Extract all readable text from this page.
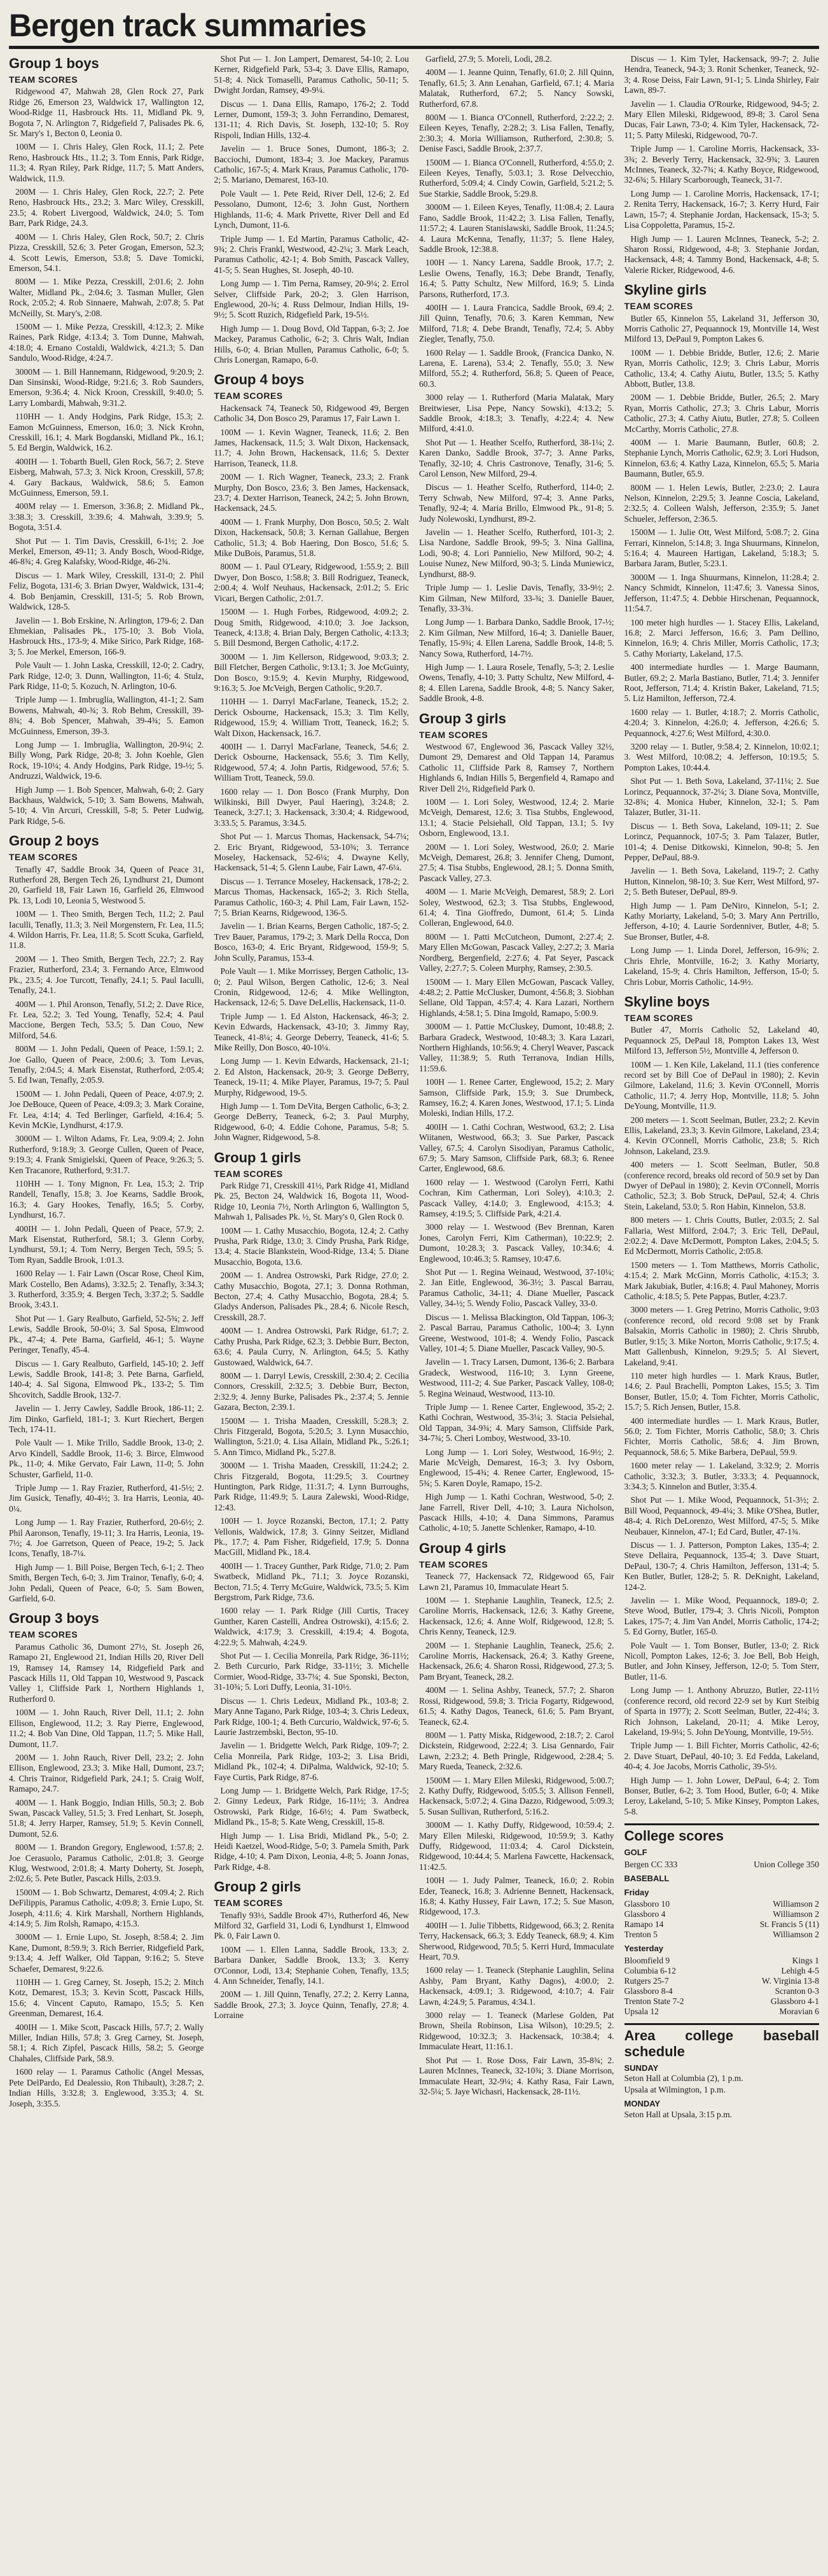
Bergen track summaries
Group 1 boys
TEAM SCORES

Ridgewood 47, Mahwah 28, Glen Rock 27, Park Ridge 26, Emerson 23, Waldwick 17, Wallington 12, Wood-Ridge 11, Hasbrouck Hts. 11, Midland Pk. 9, Bogota 7, N. Arlington 7, Ridgefield 7, Palisades Pk. 6, Sr. Mary's 1, Becton 0, Leonia 0.

100M — 1. Chris Haley, Glen Rock, 11.1; 2. Pete Reno, Hasbrouck Hts., 11.2; 3. Tom Ennis, Park Ridge, 11.3; 4. Ryan Riley, Park Ridge, 11.7; 5. Matt Anders, Waldwick, 11.9.

200M — 1. Chris Haley, Glen Rock, 22.7; 2. Pete Reno, Hasbrouck Hts., 23.2; 3. Marc Wiley, Cresskill, 23.5; 4. Robert Livergood, Waldwick, 24.0; 5. Tom Barr, Park Ridge, 24.3.

400M — 1. Chris Haley, Glen Rock, 50.7; 2. Chris Pizza, Cresskill, 52.6; 3. Peter Grogan, Emerson, 52.3; 4. Scott Lewis, Emerson, 53.8; 5. Dave Tomicki, Emerson, 54.1.

800M — 1. Mike Pezza, Cresskill, 2:01.6; 2. John Walter, Midland Pk., 2:04.6; 3. Tasman Muller, Glen Rock, 2:05.2; 4. Rob Sinnaere, Mahwah, 2:07.8; 5. Pat McNeilly, St. Mary's, 2:08.

1500M — 1. Mike Pezza, Cresskill, 4:12.3; 2. Mike Raines, Park Ridge, 4:13.4; 3. Tom Dunne, Mahwah, 4:18.0; 4. Ernano Costaldi, Waldwick, 4:21.3; 5. Dan Sandulo, Wood-Ridge, 4:24.7.

3000M — 1. Bill Hannemann, Ridgewood, 9:20.9; 2. Dan Sinsinski, Wood-Ridge, 9:21.6; 3. Rob Saunders, Emerson, 9:36.4; 4. Nick Kroon, Cresskill, 9:40.0; 5. Larry Lombardi, Mahwah, 9:31.2.

110HH — 1. Andy Hodgins, Park Ridge, 15.3; 2. Eamon McGuinness, Emerson, 16.0; 3. Nick Krohn, Cresskill, 16.1; 4. Mark Bogdanski, Midland Pk., 16.1; 5. Ed Bergin, Waldwick, 16.2.

400IH — 1. Tobarth Buell, Glen Rock, 56.7; 2. Steve Eisberg, Mahwah, 57.3; 3. Nick Kroon, Cresskill, 57.8; 4. Gary Backaus, Waldwick, 58.6; 5. Eamon McGuinness, Emerson, 59.1.

400M relay — 1. Emerson, 3:36.8; 2. Midland Pk., 3:38.3; 3. Cresskill, 3:39.6; 4. Mahwah, 3:39.9; 5. Bogota, 3:51.4.

Shot Put — 1. Tim Davis, Cresskill, 6-1½; 2. Joe Merkel, Emerson, 49-11; 3. Andy Bosch, Wood-Ridge, 46-8¾; 4. Greg Kalafsky, Wood-Ridge, 46-2¾.

Discus — 1. Mark Wiley, Cresskill, 131-0; 2. Phil Feliz, Bogota, 131-6; 3. Brian Dwyer, Waldwick, 131-4; 4. Bob Benjamin, Cresskill, 131-5; 5. Rob Brown, Waldwick, 128-5.

Javelin — 1. Bob Erskine, N. Arlington, 179-6; 2. Dan Ehmekian, Palisades Pk., 175-10; 3. Bob Viola, Hasbrouck Hts., 173-9; 4. Mike Sirico, Park Ridge, 168-3; 5. Joe Merkel, Emerson, 166-9.

Pole Vault — 1. John Laska, Cresskill, 12-0; 2. Cadry, Park Ridge, 12-0; 3. Dunn, Wallington, 11-6; 4. Stulz, Park Ridge, 11-0; 5. Kozuch, N. Arlington, 10-6.

Triple Jump — 1. Imbruglia, Wallington, 41-1; 2. Sam Bowens, Mahwah, 40-¾; 3. Rob Behm, Cresskill, 39-8¾; 4. Bob Spencer, Mahwah, 39-4¾; 5. Eamon McGuinness, Emerson, 39-3.

Long Jump — 1. Imbruglia, Wallington, 20-9¼; 2. Billy Wong, Park Ridge, 20-8; 3. John Koehle, Glen Rock, 19-10¼; 4. Andy Hodgins, Park Ridge, 19-½; 5. Andruzzi, Waldwick, 19-6.

High Jump — 1. Bob Spencer, Mahwah, 6-0; 2. Gary Backhaus, Waldwick, 5-10; 3. Sam Bowens, Mahwah, 5-10; 4. Vin Arcuri, Cresskill, 5-8; 5. Peter Ludwig, Park Ridge, 5-6.

Group 2 boys
TEAM SCORES

Tenafly 47, Saddle Brook 34, Queen of Peace 31, Rutherford 28, Bergen Tech 26, Lyndhurst 21, Dumont 20, Garfield 18, Fair Lawn 16, Garfield 26, Elmwood Pk. 13, Lodi 10, Leonia 5, Westwood 5.

100M — 1. Theo Smith, Bergen Tech, 11.2; 2. Paul Iaculli, Tenafly, 11.3; 3. Neil Morgenstern, Fr. Lea, 11.5; 4. Wildon Harris, Fr. Lea, 11.8; 5. Scott Scuka, Garfield, 11.8.

200M — 1. Theo Smith, Bergen Tech, 22.7; 2. Ray Frazier, Rutherford, 23.4; 3. Fernando Arce, Elmwood Pk., 23.5; 4. Joe Turcott, Tenafly, 24.1; 5. Paul Iaculli, Tenafly, 24.1.

400M — 1. Phil Aronson, Tenafly, 51.2; 2. Dave Rice, Fr. Lea, 52.2; 3. Ted Young, Tenafly, 52.4; 4. Paul Maccione, Bergen Tech, 53.5; 5. Dan Couo, New Milford, 54.6.

800M — 1. John Pedali, Queen of Peace, 1:59.1; 2. Joe Gallo, Queen of Peace, 2:00.6; 3. Tom Levas, Tenafly, 2:04.5; 4. Mark Eisenstat, Rutherford, 2:05.4; 5. Ed Iwan, Tenafly, 2:05.9.

1500M — 1. John Pedali, Queen of Peace, 4:07.9; 2. Joe DeBouce, Queen of Peace, 4:09.3; 3. Mark Coraine, Fr. Lea, 4:14; 4. Ted Berlinger, Garfield, 4:16.4; 5. Kevin McKie, Lyndhurst, 4:17.9.

3000M — 1. Wilton Adams, Fr. Lea, 9:09.4; 2. John Rutherford, 9:18.9; 3. George Cullen, Queen of Peace, 9:19.3; 4. Frank Smigielski, Queen of Peace, 9:26.3; 5. Ken Tracanore, Rutherford, 9:31.7.

110HH — 1. Tony Mignon, Fr. Lea, 15.3; 2. Trip Randell, Tenafly, 15.8; 3. Joe Kearns, Saddle Brook, 16.3; 4. Gary Hookes, Tenafly, 16.5; 5. Corby, Lyndhurst, 16.7.

400IH — 1. John Pedali, Queen of Peace, 57.9; 2. Mark Eisenstat, Rutherford, 58.1; 3. Glenn Corby, Lyndhurst, 59.1; 4. Tom Nerry, Bergen Tech, 59.5; 5. Tom Ryan, Saddle Brook, 1:01.3.

1600 Relay — 1. Fair Lawn (Oscar Rose, Cheol Kim, Mark Costello, Ben Adams), 3:32.5; 2. Tenafly, 3:34.3; 3. Rutherford, 3:35.9; 4. Bergen Tech, 3:37.2; 5. Saddle Brook, 3:43.1.

Shot Put — 1. Gary Realbuto, Garfield, 52-5¾; 2. Jeff Lewis, Saddle Brook, 50-0¼; 3. Sal Sposa, Elmwood Pk., 47-4; 4. Pete Barna, Garfield, 46-1; 5. Wayne Peringer, Tenafly, 45-4.

Discus — 1. Gary Realbuto, Garfield, 145-10; 2. Jeff Lewis, Saddle Brook, 141-8; 3. Pete Barna, Garfield, 140-4; 4. Sal Sigona, Elmwood Pk., 133-2; 5. Tim Shcovitch, Saddle Brook, 132-7.

Javelin — 1. Jerry Cawley, Saddle Brook, 186-11; 2. Jim Dinko, Garfield, 181-1; 3. Kurt Riechert, Bergen Tech, 174-11.

Pole Vault — 1. Mike Trillo, Saddle Brook, 13-0; 2. Arvo Kindell, Saddle Brook, 11-6; 3. Birce, Elmwood Pk., 11-0; 4. Mike Gervato, Fair Lawn, 11-0; 5. John Schuster, Garfield, 11-0.

Triple Jump — 1. Ray Frazier, Rutherford, 41-5½; 2. Jim Gusick, Tenafly, 40-4½; 3. Ira Harris, Leonia, 40-0¼.

Long Jump — 1. Ray Frazier, Rutherford, 20-6½; 2. Phil Aaronson, Tenafly, 19-11; 3. Ira Harris, Leonia, 19-7½; 4. Joe Garretson, Queen of Peace, 19-2; 5. Jack Icons, Tenafly, 18-7¼.

High Jump — 1. Bill Poise, Bergen Tech, 6-1; 2. Theo Smith, Bergen Tech, 6-0; 3. Jim Trainor, Tenafly, 6-0; 4. John Pedali, Queen of Peace, 6-0; 5. Sam Bowen, Garfield, 6-0.

Group 3 boys
TEAM SCORES

Paramus Catholic 36, Dumont 27½, St. Joseph 26, Ramapo 21, Englewood 21, Indian Hills 20, River Dell 19, Ramsey 14, Ramsey 14, Ridgefield Park and Pascack Hills 11, Old Tappan 10, Westwood 9, Pascack Valley 1, Cliffside Park 1, Northern Highlands 1, Rutherford 0.

100M — 1. John Rauch, River Dell, 11.1; 2. John Ellison, Englewood, 11.2; 3. Ray Pierre, Englewood, 11.2; 4. Bob Van Dine, Old Tappan, 11.7; 5. Mike Hall, Dumont, 11.7.

200M — 1. John Rauch, River Dell, 23.2; 2. John Ellison, Englewood, 23.3; 3. Mike Hall, Dumont, 23.7; 4. Chris Trainor, Ridgefield Park, 24.1; 5. Craig Wolf, Ramapo, 24.7.

400M — 1. Hank Boggio, Indian Hills, 50.3; 2. Bob Swan, Pascack Valley, 51.5; 3. Fred Lenhart, St. Joseph, 51.8; 4. Jerry Harper, Ramsey, 51.9; 5. Kevin Connell, Dumont, 52.6.

800M — 1. Brandon Gregory, Englewood, 1:57.8; 2. Joe Cerasuolo, Paramus Catholic, 2:01.8; 3. George Klug, Westwood, 2:01.8; 4. Marty Doherty, St. Joseph, 2:02.6; 5. Pete Butler, Pascack Hills, 2:03.9.

1500M — 1. Bob Schwartz, Demarest, 4:09.4; 2. Rich DeFilippis, Paramus Catholic, 4:09.8; 3. Ernie Lupo, St. Joseph, 4:11.6; 4. Kirk Marshall, Northern Highlands, 4:14.9; 5. Jim Rolsh, Ramapo, 4:15.3.

3000M — 1. Ernie Lupo, St. Joseph, 8:58.4; 2. Jim Kane, Dumont, 8:59.9; 3. Rich Berrier, Ridgefield Park, 9:13.4; 4. Jeff Walker, Old Tappan, 9:16.2; 5. Steve Schaefer, Demarest, 9:22.6.

110HH — 1. Greg Carney, St. Joseph, 15.2; 2. Mitch Kotz, Demarest, 15.3; 3. Kevin Scott, Pascack Hills, 15.6; 4. Vincent Caputo, Ramapo, 15.5; 5. Ken Greenman, Demarest, 16.4.

400IH — 1. Mike Scott, Pascack Hills, 57.7; 2. Wally Miller, Indian Hills, 57.8; 3. Greg Carney, St. Joseph, 58.1; 4. Rich Zipfel, Pascack Hills, 58.2; 5. George Chahales, Cliffside Park, 58.9.

1600 relay — 1. Paramus Catholic (Angel Messas, Pete DelPardo, Ed Dealessio, Ron Thibault), 3:28.7; 2. Indian Hills, 3:32.8; 3. Englewood, 3:35.3; 4. St. Joseph, 3:35.5.

Shot Put — 1. Jon Lampert, Demarest, 54-10; 2. Lou Kerner, Ridgefield Park, 53-4; 3. Dave Ellis, Ramapo, 51-8; 4. Nick Tomaselli, Paramus Catholic, 50-11; 5. Dwight Jordan, Ramsey, 49-9¼.

Discus — 1. Dana Ellis, Ramapo, 176-2; 2. Todd Lerner, Dumont, 159-3; 3. John Ferrandino, Demarest, 131-11; 4. Rich Davis, St. Joseph, 132-10; 5. Roy Rispoli, Indian Hills, 132-4.

Javelin — 1. Bruce Sones, Dumont, 186-3; 2. Bacciochi, Dumont, 183-4; 3. Joe Mackey, Paramus Catholic, 167-5; 4. Mark Kraus, Paramus Catholic, 170-2; 5. Mariano, Demarest, 163-10.

Pole Vault — 1. Pete Reid, River Dell, 12-6; 2. Ed Pessolano, Dumont, 12-6; 3. John Gust, Northern Highlands, 11-6; 4. Mark Privette, River Dell and Ed Lynch, Dumont, 11-6.

Triple Jump — 1. Ed Martin, Paramus Catholic, 42-9¾; 2. Chris Frankl, Westwood, 42-2¼; 3. Mark Leach, Paramus Catholic, 42-1; 4. Bob Smith, Pascack Valley, 41-5; 5. Sean Hughes, St. Joseph, 40-10.

Long Jump — 1. Tim Perna, Ramsey, 20-9¼; 2. Errol Selver, Cliffside Park, 20-2; 3. Glen Harrison, Englewood, 20-¾; 4. Russ Delmour, Indian Hills, 19-9½; 5. Scott Ruzich, Ridgefield Park, 19-5½.

High Jump — 1. Doug Bovd, Old Tappan, 6-3; 2. Joe Mackey, Paramus Catholic, 6-2; 3. Chris Walt, Indian Hills, 6-0; 4. Brian Mullen, Paramus Catholic, 6-0; 5. Chris Lonergan, Ramapo, 6-0.

Group 4 boys
TEAM SCORES

Hackensack 74, Teaneck 50, Ridgewood 49, Bergen Catholic 34, Don Bosco 29, Paramus 17, Fair Lawn 1.

100M — 1. Kevin Wagner, Teaneck, 11.6; 2. Ben James, Hackensack, 11.5; 3. Walt Dixon, Hackensack, 11.7; 4. John Brown, Hackensack, 11.6; 5. Dexter Harrison, Teaneck, 11.8.

200M — 1. Rich Wagner, Teaneck, 23.3; 2. Frank Murphy, Don Bosco, 23.6; 3. Ben James, Hackensack, 23.7; 4. Dexter Harrison, Teaneck, 24.2; 5. John Brown, Hackensack, 24.5.

400M — 1. Frank Murphy, Don Bosco, 50.5; 2. Walt Dixon, Hackensack, 50.8; 3. Kernan Gallahue, Bergen Catholic, 51.3; 4. Bob Haering, Don Bosco, 51.6; 5. Mike DuBois, Paramus, 51.8.

800M — 1. Paul O'Leary, Ridgewood, 1:55.9; 2. Bill Dwyer, Don Bosco, 1:58.8; 3. Bill Rodriguez, Teaneck, 2:00.4; 4. Wolf Neuhaus, Hackensack, 2:01.2; 5. Eric Vicari, Bergen Catholic, 2:01.7.

1500M — 1. Hugh Forbes, Ridgewood, 4:09.2; 2. Doug Smith, Ridgewood, 4:10.0; 3. Joe Jackson, Teaneck, 4:13.8; 4. Brian Daly, Bergen Catholic, 4:13.3; 5. Bill Desmond, Bergen Catholic, 4:17.2.

3000M — 1. Jim Kellerson, Ridgewood, 9:03.3; 2. Bill Fletcher, Bergen Catholic, 9:13.1; 3. Joe McGuinty, Don Bosco, 9:15.9; 4. Kevin Murphy, Ridgewood, 9:16.3; 5. Joe McVeigh, Bergen Catholic, 9:20.7.

110HH — 1. Darryl MacFarlane, Teaneck, 15.2; 2. Derick Osbourne, Hackensack, 15.3; 3. Tim Kelly, Ridgewood, 15.9; 4. William Trott, Teaneck, 16.2; 5. Walt Dixon, Hackensack, 16.7.

400IH — 1. Darryl MacFarlane, Teaneck, 54.6; 2. Derick Osbourne, Hackensack, 55.6; 3. Tim Kelly, Ridgewood, 57.4; 4. John Partis, Ridgewood, 57.6; 5. William Trott, Teaneck, 59.0.

1600 relay — 1. Don Bosco (Frank Murphy, Don Wilkinski, Bill Dwyer, Paul Haering), 3:24.8; 2. Teaneck, 3:27.1; 3. Hackensack, 3:30.4; 4. Ridgewood, 3:33.5; 5. Paramus, 3:34.5.

Shot Put — 1. Marcus Thomas, Hackensack, 54-7¼; 2. Eric Bryant, Ridgewood, 53-10¾; 3. Terrance Moseley, Hackensack, 52-6¼; 4. Dwayne Kelly, Hackensack, 51-4; 5. Glenn Laube, Fair Lawn, 47-6¼.

Discus — 1. Terrance Moseley, Hackensack, 178-2; 2. Marcus Thomas, Hackensack, 165-2; 3. Rich Stella, Paramus Catholic, 160-3; 4. Phil Lam, Fair Lawn, 152-7; 5. Brian Kearns, Ridgewood, 136-5.

Javelin — 1. Brian Kearns, Bergen Catholic, 187-5; 2. Trev Bauer, Paramus, 179-2; 3. Mark Della Rocca, Don Bosco, 163-0; 4. Eric Bryant, Ridgewood, 159-9; 5. John Scully, Paramus, 153-4.

Pole Vault — 1. Mike Morrissey, Bergen Catholic, 13-0; 2. Paul Wilson, Bergen Catholic, 12-6; 3. Neal Cronin, Ridgewood, 12-6; 4. Mike Wellington, Hackensack, 12-6; 5. Dave DeLellis, Hackensack, 11-0.

Triple Jump — 1. Ed Alston, Hackensack, 46-3; 2. Kevin Edwards, Hackensack, 43-10; 3. Jimmy Ray, Teaneck, 41-8¼; 4. George Deberry, Teaneck, 41-6; 5. Mike Reilly, Don Bosco, 40-10¼.

Long Jump — 1. Kevin Edwards, Hackensack, 21-1; 2. Ed Alston, Hackensack, 20-9; 3. George DeBerry, Teaneck, 19-11; 4. Mike Player, Paramus, 19-7; 5. Paul Murphy, Ridgewood, 19-5.

High Jump — 1. Tom DeVita, Bergen Catholic, 6-3; 2. George DeBerry, Teaneck, 6-2; 3. Paul Murphy, Ridgewood, 6-0; 4. Eddie Cohone, Paramus, 5-8; 5. John Wagner, Ridgewood, 5-8.

Group 1 girls
TEAM SCORES

Park Ridge 71, Cresskill 41½, Park Ridge 41, Midland Pk. 25, Becton 24, Waldwick 16, Bogota 11, Wood-Ridge 10, Leonia 7½, North Arlington 6, Wallington 5, Mahwah 1, Palisades Pk. ½, St. Mary's 0, Glen Rock 0.

100M — 1. Cathy Musacchio, Bogota, 12.4; 2. Cathy Prusha, Park Ridge, 13.0; 3. Cindy Prusha, Park Ridge, 13.4; 4. Stacie Blankstein, Wood-Ridge, 13.4; 5. Diane Musacchio, Bogota, 13.6.

200M — 1. Andrea Ostrowski, Park Ridge, 27.0; 2. Cathy Musacchio, Bogota, 27.1; 3. Donna Rothman, Becton, 27.4; 4. Cathy Musacchio, Bogota, 28.4; 5. Gladys Anderson, Palisades Pk., 28.4; 6. Nicole Resch, Cresskill, 28.7.

400M — 1. Andrea Ostrowski, Park Ridge, 61.7; 2. Cathy Prusha, Park Ridge, 62.3; 3. Debbie Burr, Becton, 63.6; 4. Paula Curry, N. Arlington, 64.5; 5. Kathy Gustowaed, Waldwick, 64.7.

800M — 1. Darryl Lewis, Cresskill, 2:30.4; 2. Cecilia Connors, Cresskill, 2:32.5; 3. Debbie Burr, Becton, 2:32.9; 4. Jenny Burke, Palisades Pk., 2:37.4; 5. Jennie Gazara, Becton, 2:39.1.

1500M — 1. Trisha Maaden, Cresskill, 5:28.3; 2. Chris Fitzgerald, Bogota, 5:20.5; 3. Lynn Musacchio, Wallington, 5:21.0; 4. Lisa Allain, Midland Pk., 5:26.1; 5. Ann Timco, Midland Pk., 5:27.8.

3000M — 1. Trisha Maaden, Cresskill, 11:24.2; 2. Chris Fitzgerald, Bogota, 11:29.5; 3. Courtney Huntington, Park Ridge, 11:31.7; 4. Lynn Burroughs, Park Ridge, 11:49.9; 5. Laura Zalewski, Wood-Ridge, 12:43.

100H — 1. Joyce Rozanski, Becton, 17.1; 2. Patty Vellonis, Waldwick, 17.8; 3. Ginny Seitzer, Midland Pk., 17.7; 4. Pam Fisher, Ridgefield, 17.9; 5. Donna MacGill, Midland Pk., 18.4.

400IH — 1. Tracey Gunther, Park Ridge, 71.0; 2. Pam Swatbeck, Midland Pk., 71.1; 3. Joyce Rozanski, Becton, 71.5; 4. Terry McGuire, Waldwick, 73.5; 5. Kim Bergstrom, Park Ridge, 73.6.

1600 relay — 1. Park Ridge (Jill Curtis, Tracey Gunther, Karen Castelli, Andrea Ostrowski), 4:15.6; 2. Waldwick, 4:17.9; 3. Cresskill, 4:19.4; 4. Bogota, 4:22.9; 5. Mahwah, 4:24.9.

Shot Put — 1. Cecilia Monreila, Park Ridge, 36-11½; 2. Beth Curcurio, Park Ridge, 33-11½; 3. Michelle Cormier, Wood-Ridge, 33-7¼; 4. Sue Sponski, Becton, 31-10¾; 5. Lori Duffy, Leonia, 31-10½.

Discus — 1. Chris Ledeux, Midland Pk., 103-8; 2. Mary Anne Tagano, Park Ridge, 103-4; 3. Chris Ledeux, Park Ridge, 100-1; 4. Beth Curcurio, Waldwick, 97-6; 5. Laurie Jastrzembski, Becton, 95-10.

Javelin — 1. Bridgette Welch, Park Ridge, 109-7; 2. Celia Monreila, Park Ridge, 103-2; 3. Lisa Bridi, Midland Pk., 102-4; 4. DiPalma, Waldwick, 92-10; 5. Faye Curtis, Park Ridge, 87-6.

Long Jump — 1. Bridgette Welch, Park Ridge, 17-5; 2. Ginny Ledeux, Park Ridge, 16-11½; 3. Andrea Ostrowski, Park Ridge, 16-6½; 4. Pam Swatbeck, Midland Pk., 15-8; 5. Kate Weng, Cresskill, 15-8.

High Jump — 1. Lisa Bridi, Midland Pk., 5-0; 2. Heidi Kaetzel, Wood-Ridge, 5-0; 3. Pamela Smith, Park Ridge, 4-10; 4. Pam Dixon, Leonia, 4-8; 5. Joann Jonas, Park Ridge, 4-8.

Group 2 girls
TEAM SCORES

Tenafly 93½, Saddle Brook 47½, Rutherford 46, New Milford 32, Garfield 31, Lodi 6, Lyndhurst 1, Elmwood Pk. 0, Fair Lawn 0.

100M — 1. Ellen Lanna, Saddle Brook, 13.3; 2. Barbara Danker, Saddle Brook, 13.3; 3. Kerry O'Connor, Lodi, 13.4; Stephanie Cohen, Tenafly, 13.5; 4. Ann Schneider, Tenafly, 14.1.

200M — 1. Jill Quinn, Tenafly, 27.2; 2. Kerry Lanna, Saddle Brook, 27.3; 3. Joyce Quinn, Tenafly, 27.8; 4. Lorraine

Garfield, 27.9; 5. Moreli, Lodi, 28.2.

400M — 1. Jeanne Quinn, Tenafly, 61.0; 2. Jill Quinn, Tenafly, 61.5; 3. Ann Lenahan, Garfield, 67.1; 4. Maria Malatak, Rutherford, 67.2; 5. Nancy Sowski, Rutherford, 67.8.

800M — 1. Bianca O'Connell, Rutherford, 2:22.2; 2. Eileen Keyes, Tenafly, 2:28.2; 3. Lisa Fallen, Tenafly, 2:30.3; 4. Moria Williamson, Rutherford, 2:30.8; 5. Denise Fasci, Saddle Brook, 2:37.7.

1500M — 1. Bianca O'Connell, Rutherford, 4:55.0; 2. Eileen Keyes, Tenafly, 5:03.1; 3. Rose Delvecchio, Rutherford, 5:09.4; 4. Cindy Cowin, Garfield, 5:21.2; 5. Sue Starkie, Saddle Brook, 5:29.8.

3000M — 1. Eileen Keyes, Tenafly, 11:08.4; 2. Laura Fano, Saddle Brook, 11:42.2; 3. Lisa Fallen, Tenafly, 11:57.2; 4. Lauren Stanislawski, Saddle Brook, 11:24.5; 4. Laura McKenna, Tenafly, 11:37; 5. Ilene Haley, Saddle Brook, 12:38.8.

100H — 1. Nancy Larena, Saddle Brook, 17.7; 2. Leslie Owens, Tenafly, 16.3; Debe Brandt, Tenafly, 16.4; 5. Patty Schultz, New Milford, 16.9; 5. Linda Parsons, Rutherford, 17.3.

400IH — 1. Laura Francica, Saddle Brook, 69.4; 2. Jill Quinn, Tenafly, 70.6; 3. Karen Kemman, New Milford, 71.8; 4. Debe Brandt, Tenafly, 72.4; 5. Abby Ziegler, Tenafly, 75.0.

1600 Relay — 1. Saddle Brook, (Francica Danko, N. Larena, E. Larena), 53.4; 2. Tenafly, 55.0; 3. New Milford, 55.2; 4. Rutherford, 56.8; 5. Queen of Peace, 60.3.

3000 relay — 1. Rutherford (Maria Malatak, Mary Breitwieser, Lisa Pepe, Nancy Sowski), 4:13.2; 5. Saddle Brook, 4:18.3; 3. Tenafly, 4:22.4; 4. New Milford, 4:41.0.

Shot Put — 1. Heather Scelfo, Rutherford, 38-1¼; 2. Karen Danko, Saddle Brook, 37-7; 3. Anne Parks, Tenafly, 32-10; 4. Chris Castronove, Tenafly, 31-6; 5. Carol Lenson, New Milford, 29-4.

Discus — 1. Heather Scelfo, Rutherford, 114-0; 2. Terry Schwab, New Milford, 97-4; 3. Anne Parks, Tenafly, 92-4; 4. Maria Brillo, Elmwood Pk., 91-8; 5. Judy Nolewoski, Lyndhurst, 89-2.

Javelin — 1. Heather Scelfo, Rutherford, 101-3; 2. Lisa Nardone, Saddle Brook, 99-5; 3. Nina Gallina, Lodi, 90-8; 4. Lori Pannielio, New Milford, 90-2; 4. Louise Nunez, New Milford, 90-3; 5. Linda Muniewicz, Lyndhurst, 88-9.

Triple Jump — 1. Leslie Davis, Tenafly, 33-9½; 2. Kim Gilman, New Milford, 33-¾; 3. Danielle Bauer, Tenafly, 33-3¾.

Long Jump — 1. Barbara Danko, Saddle Brook, 17-½; 2. Kim Gilman, New Milford, 16-4; 3. Danielle Bauer, Tenafly, 15-9¾; 4. Ellen Larena, Saddle Brook, 14-8; 5. Nancy Sowa, Rutherford, 14-7½.

High Jump — 1. Laura Rosele, Tenafly, 5-3; 2. Leslie Owens, Tenafly, 4-10; 3. Patty Schultz, New Milford, 4-8; 4. Ellen Larena, Saddle Brook, 4-8; 5. Nancy Saker, Saddle Brook, 4-8.

Group 3 girls
TEAM SCORES

Westwood 67, Englewood 36, Pascack Valley 32½, Dumont 29, Demarest and Old Tappan 14, Paramus Catholic 11, Cliffside Park 8, Ramsey 7, Northern Highlands 6, Indian Hills 5, Bergenfield 4, Ramapo and River Dell 2½, Ridgefield Park 0.

100M — 1. Lori Soley, Westwood, 12.4; 2. Marie McVeigh, Demarest, 12.6; 3. Tisa Stubbs, Englewood, 13.1; 4. Stacie Pelsiehall, Old Tappan, 13.1; 5. Ivy Osborn, Englewood, 13.1.

200M — 1. Lori Soley, Westwood, 26.0; 2. Marie McVeigh, Demarest, 26.8; 3. Jennifer Cheng, Dumont, 27.5; 4. Tisa Stubbs, Englewood, 28.1; 5. Donna Smith, Pascack Valley, 27.3.

400M — 1. Marie McVeigh, Demarest, 58.9; 2. Lori Soley, Westwood, 62.3; 3. Tisa Stubbs, Englewood, 61.4; 4. Tina Gioffredo, Dumont, 61.4; 5. Linda Colleran, Englewood, 64.0.

800M — 1. Patti McCutcheon, Dumont, 2:27.4; 2. Mary Ellen McGowan, Pascack Valley, 2:27.2; 3. Maria Nordberg, Bergenfield, 2:27.6; 4. Pat Seyer, Pascack Valley, 2:27.7; 5. Coleen Murphy, Ramsey, 2:30.5.

1500M — 1. Mary Ellen McGowan, Pascack Valley, 4:48.2; 2. Pattie McClusker, Dumont, 4:56.8; 3. Siobhan Sellane, Old Tappan, 4:57.4; 4. Kara Lazari, Northern Highlands, 4:58.1; 5. Dina Imgold, Ramapo, 5:00.9.

3000M — 1. Pattie McCluskey, Dumont, 10:48.8; 2. Barbara Gradeck, Westwood, 10:48.3; 3. Kara Lazari, Northern Highlands, 10:56.9; 4. Cheryl Weaver, Pascack Valley, 11:38.9; 5. Ruth Terranova, Indian Hills, 11:59.6.

100H — 1. Renee Carter, Englewood, 15.2; 2. Mary Samson, Cliffside Park, 15.9; 3. Sue Drumbeck, Ramsey, 16.2; 4. Karen Jones, Westwood, 17.1; 5. Linda Moleski, Indian Hills, 17.2.

400IH — 1. Cathi Cochran, Westwood, 63.2; 2. Lisa Wiitanen, Westwood, 66.3; 3. Sue Parker, Pascack Valley, 67.5; 4. Carolyn Sisodiyan, Paramus Catholic, 67.9; 5. Mary Samson, Cliffside Park, 68.3; 6. Renee Carter, Englewood, 68.6.

1600 relay — 1. Westwood (Carolyn Ferri, Kathi Cochran, Kim Catherman, Lori Soley), 4:10.3; 2. Pascack Valley, 4:14.0; 3. Englewood, 4:15.3; 4. Ramsey, 4:19.5; 5. Cliffside Park, 4:21.4.

3000 relay — 1. Westwood (Bev Brennan, Karen Jones, Carolyn Ferri, Kim Catherman), 10:22.9; 2. Dumont, 10:28.3; 3. Pascack Valley, 10:34.6; 4. Englewood, 10:46.3; 5. Ramsey, 10:47.6.

Shot Put — 1. Regina Weinaud, Westwood, 37-10¼; 2. Jan Eitle, Englewood, 36-3½; 3. Pascal Barrau, Paramus Catholic, 34-11; 4. Diane Mueller, Pascack Valley, 34-½; 5. Wendy Folio, Pascack Valley, 33-0.

Discus — 1. Melissa Blackington, Old Tappan, 106-3; 2. Pascal Barrau, Paramus Catholic, 100-4; 3. Lynn Greene, Westwood, 101-8; 4. Wendy Folio, Pascack Valley, 101-4; 5. Diane Mueller, Pascack Valley, 90-5.

Javelin — 1. Tracy Larsen, Dumont, 136-6; 2. Barbara Gradeck, Westwood, 116-10; 3. Lynn Greene, Westwood, 111-2; 4. Sue Parker, Pascack Valley, 108-0; 5. Regina Weinaud, Westwood, 113-10.

Triple Jump — 1. Renee Carter, Englewood, 35-2; 2. Kathi Cochran, Westwood, 35-3¼; 3. Stacia Pelsiehal, Old Tappan, 34-9¾; 4. Mary Samson, Cliffside Park, 34-7¾; 5. Cheri Lomboy, Westwood, 33-10.

Long Jump — 1. Lori Soley, Westwood, 16-9½; 2. Marie McVeigh, Demarest, 16-3; 3. Ivy Osborn, Englewood, 15-4¾; 4. Renee Carter, Englewood, 15-5¾; 5. Karen Doyle, Ramapo, 15-2.

High Jump — 1. Kathi Cochran, Westwood, 5-0; 2. Jane Farrell, River Dell, 4-10; 3. Laura Nicholson, Pascack Hills, 4-10; 4. Dana Simmons, Paramus Catholic, 4-10; 5. Janette Schlenker, Ramapo, 4-10.

Group 4 girls
TEAM SCORES

Teaneck 77, Hackensack 72, Ridgewood 65, Fair Lawn 21, Paramus 10, Immaculate Heart 5.

100M — 1. Stephanie Laughlin, Teaneck, 12.5; 2. Caroline Morris, Hackensack, 12.6; 3. Kathy Greene, Hackensack, 12.6; 4. Anne Wolf, Ridgewood, 12.8; 5. Chris Kenny, Teaneck, 12.9.

200M — 1. Stephanie Laughlin, Teaneck, 25.6; 2. Caroline Morris, Hackensack, 26.4; 3. Kathy Greene, Hackensack, 26.6; 4. Sharon Rossi, Ridgewood, 27.3; 5. Pam Bryant, Teaneck, 28.2.

400M — 1. Selina Ashby, Teaneck, 57.7; 2. Sharon Rossi, Ridgewood, 59.8; 3. Tricia Fogarty, Ridgewood, 61.5; 4. Kathy Dagos, Teaneck, 61.6; 5. Pam Bryant, Teaneck, 62.4.

800M — 1. Patty Miska, Ridgewood, 2:18.7; 2. Carol Dickstein, Ridgewood, 2:22.4; 3. Lisa Gennardo, Fair Lawn, 2:23.2; 4. Beth Pringle, Ridgewood, 2:28.4; 5. Mary Rueda, Teaneck, 2:32.6.

1500M — 1. Mary Ellen Mileski, Ridgewood, 5:00.7; 2. Kathy Duffy, Ridgewood, 5:05.5; 3. Allison Fennell, Hackensack, 5:07.2; 4. Gina Dazzo, Ridgewood, 5:09.3; 5. Susan Sullivan, Rutherford, 5:16.2.

3000M — 1. Kathy Duffy, Ridgewood, 10:59.4; 2. Mary Ellen Mileski, Ridgewood, 10:59.9; 3. Kathy Duffy, Ridgewood, 11:03.4; 4. Carol Dickstein, Ridgewood, 10:44.4; 5. Marlena Fawcette, Hackensack, 11:42.5.

100H — 1. Judy Palmer, Teaneck, 16.0; 2. Robin Eder, Teaneck, 16.8; 3. Adrienne Bennett, Hackensack, 16.8; 4. Kathy Hussey, Fair Lawn, 17.2; 5. Sue Mason, Ridgewood, 17.3.

400IH — 1. Julie Tibbetts, Ridgewood, 66.3; 2. Renita Terry, Hackensack, 66.3; 3. Eddy Teaneck, 68.9; 4. Kim Sherwood, Ridgewood, 70.5; 5. Kerri Hurd, Immaculate Heart, 70.9.

1600 relay — 1. Teaneck (Stephanie Laughlin, Selina Ashby, Pam Bryant, Kathy Dagos), 4:00.0; 2. Hackensack, 4:09.1; 3. Ridgewood, 4:10.7; 4. Fair Lawn, 4:24.9; 5. Paramus, 4:34.1.

3000 relay — 1. Teaneck (Marlese Golden, Pat Brown, Sheila Robinson, Lisa Wilson), 10:29.5; 2. Ridgewood, 10:32.3; 3. Hackensack, 10:38.4; 4. Immaculate Heart, 11:16.1.

Shot Put — 1. Rose Doss, Fair Lawn, 35-8¾; 2. Lauren McInnes, Teaneck, 32-10¾; 3. Diane Morrison, Immaculate Heart, 32-9¼; 4. Kathy Rasa, Fair Lawn, 32-5¼; 5. Jaye Wichasri, Hackensack, 28-11½.

Discus — 1. Kim Tyler, Hackensack, 99-7; 2. Julie Hendra, Teaneck, 94-3; 3. Ronit Schenker, Teaneck, 92-3; 4. Rose Deiss, Fair Lawn, 91-1; 5. Linda Shirley, Fair Lawn, 89-7.

Javelin — 1. Claudia O'Rourke, Ridgewood, 94-5; 2. Mary Ellen Mileski, Ridgewood, 89-8; 3. Carol Sena Ducas, Fair Lawn, 73-0; 4. Kim Tyler, Hackensack, 72-11; 5. Patty Mileski, Ridgewood, 70-7.

Triple Jump — 1. Caroline Morris, Hackensack, 33-3¾; 2. Beverly Terry, Hackensack, 32-9¾; 3. Lauren McInnes, Teaneck, 32-7¾; 4. Kathy Boyce, Ridgewood, 32-6¾; 5. Hilary Scarborough, Teaneck, 31-7.

Long Jump — 1. Caroline Morris, Hackensack, 17-1; 2. Renita Terry, Hackensack, 16-7; 3. Kerry Hurd, Fair Lawn, 15-7; 4. Stephanie Jordan, Hackensack, 15-3; 5. Lisa Coppoletta, Paramus, 15-2.

High Jump — 1. Lauren McInnes, Teaneck, 5-2; 2. Sharon Rossi, Ridgewood, 4-8; 3. Stephanie Jordan, Hackensack, 4-8; 4. Tammy Bond, Hackensack, 4-8; 5. Valerie Ricker, Ridgewood, 4-6.

Skyline girls
TEAM SCORES

Butler 65, Kinnelon 55, Lakeland 31, Jefferson 30, Morris Catholic 27, Pequannock 19, Montville 14, West Milford 13, DePaul 9, Pompton Lakes 6.

100M — 1. Debbie Bridde, Butler, 12.6; 2. Marie Ryan, Morris Catholic, 12.9; 3. Chris Labur, Morris Catholic, 13.4; 4. Cathy Aiutu, Butler, 13.5; 5. Kathy Abbott, Butler, 13.8.

200M — 1. Debbie Bridde, Butler, 26.5; 2. Mary Ryan, Morris Catholic, 27.3; 3. Chris Labur, Morris Catholic, 27.3; 4. Cathy Aiutu, Butler, 27.8; 5. Colleen McCarthy, Morris Catholic, 27.8.

400M — 1. Marie Baumann, Butler, 60.8; 2. Stephanie Lynch, Morris Catholic, 62.9; 3. Lori Hudson, Kinnelon, 63.6; 4. Kathy Laza, Kinnelon, 65.5; 5. Maria Baumann, Butler, 65.9.

800M — 1. Helen Lewis, Butler, 2:23.0; 2. Laura Nelson, Kinnelon, 2:29.5; 3. Jeanne Coscia, Lakeland, 2:32.5; 4. Colleen Walsh, Jefferson, 2:35.9; 5. Janet Schueler, Jefferson, 2:36.5.

1500M — 1. Julie Ott, West Milford, 5:08.7; 2. Gina Ferrari, Kinnelon, 5:14.8; 3. Inga Shuurmans, Kinnelon, 5:16.4; 4. Maureen Hartigan, Lakeland, 5:18.3; 5. Barbara Jaram, Butler, 5:23.1.

3000M — 1. Inga Shuurmans, Kinnelon, 11:28.4; 2. Nancy Schmidt, Kinnelon, 11:47.6; 3. Vanessa Sinos, Jefferson, 11:47.5; 4. Debbie Hirschenan, Pequannock, 11:54.7.

100 meter high hurdles — 1. Stacey Ellis, Lakeland, 16.8; 2. Marci Jefferson, 16.6; 3. Pam Dellino, Kinnelon, 16.9; 4. Chris Miller, Morris Catholic, 17.3; 5. Cathy Moriarty, Lakeland, 17.5.

400 intermediate hurdles — 1. Marge Baumann, Butler, 69.2; 2. Marla Bastiano, Butler, 71.4; 3. Jennifer Root, Jefferson, 71.4; 4. Kristin Baker, Lakeland, 71.5; 5. Liz Hamilton, Jefferson, 72.4.

1600 relay — 1. Butler, 4:18.7; 2. Morris Catholic, 4:20.4; 3. Kinnelon, 4:26.0; 4. Jefferson, 4:26.6; 5. Pequannock, 4:27.6; West Milford, 4:30.0.

3200 relay — 1. Butler, 9:58.4; 2. Kinnelon, 10:02.1; 3. West Milford, 10:08.2; 4. Jefferson, 10:19.5; 5. Pompton Lakes, 10:44.4.

Shot Put — 1. Beth Sova, Lakeland, 37-11¼; 2. Sue Lorincz, Pequannock, 37-2¼; 3. Diane Sova, Montville, 32-8¾; 4. Monica Huber, Kinnelon, 32-1; 5. Pam Talazer, Butler, 31-11.

Discus — 1. Beth Sova, Lakeland, 109-11; 2. Sue Lorincz, Pequannock, 107-5; 3. Pam Talazer, Butler, 101-4; 4. Denise Ditkowski, Kinnelon, 90-8; 5. Jen Pepper, DePaul, 88-9.

Javelin — 1. Beth Sova, Lakeland, 119-7; 2. Cathy Hutton, Kinnelon, 98-10; 3. Sue Kerr, West Milford, 97-2; 5. Beth Buteser, DePaul, 89-9.

High Jump — 1. Pam DeNiro, Kinnelon, 5-1; 2. Kathy Moriarty, Lakeland, 5-0; 3. Mary Ann Pertrillo, Jefferson, 4-10; 4. Laurie Sordenniver, Butler, 4-8; 5. Sue Bronser, Butler, 4-8.

Long Jump — 1. Linda Dorel, Jefferson, 16-9¾; 2. Chris Ehrle, Montville, 16-2; 3. Kathy Moriarty, Lakeland, 15-9; 4. Chris Hamilton, Jefferson, 15-0; 5. Chris Lobur, Morris Catholic, 14-9½.

Skyline boys
TEAM SCORES

Butler 47, Morris Catholic 52, Lakeland 40, Pequannock 25, DePaul 18, Pompton Lakes 13, West Milford 13, Jefferson 5½, Montville 4, Jefferson 0.

100M — 1. Ken Kile, Lakeland, 11.1 (ties conference record set by Bill Coe of DePaul in 1980); 2. Kevin Gilmore, Lakeland, 11.6; 3. Kevin O'Connell, Morris Catholic, 11.7; 4. Jerry Hop, Montville, 11.8; 5. John DeYoung, Montville, 11.9.

200 meters — 1. Scott Seelman, Butler, 23.2; 2. Kevin Ellis, Lakeland, 23.3; 3. Kevin Gilmore, Lakeland, 23.4; 4. Kevin O'Connell, Morris Catholic, 23.8; 5. Rich Johnson, Lakeland, 23.9.

400 meters — 1. Scott Seelman, Butler, 50.8 (conference record, breaks old record of 50.9 set by Dan Dwyer of DePaul in 1980); 2. Kevin O'Connell, Morris Catholic, 52.3; 3. Bob Struck, DePaul, 52.4; 4. Chris Stein, Lakeland, 53.0; 5. Ron Habin, Kinnelon, 53.8.

800 meters — 1. Chris Coutts, Butler, 2:03.5; 2. Sal Fallaria, West Milford, 2:04.7; 3. Eric Tell, DePaul, 2:02.2; 4. Dave McDermott, Pompton Lakes, 2:04.5; 5. Ed McDermott, Morris Catholic, 2:05.8.

1500 meters — 1. Tom Matthews, Morris Catholic, 4:15.4; 2. Mark McGinn, Morris Catholic, 4:15.3; 3. Mark Jakubiak, Butler, 4:16.8; 4. Paul Mahoney, Morris Catholic, 4:18.5; 5. Pete Pappas, Butler, 4:23.7.

3000 meters — 1. Greg Petrino, Morris Catholic, 9:03 (conference record, old record 9:08 set by Frank Balsakin, Morris Catholic in 1980); 2. Chris Shrubb, Butler, 9:15; 3. Mike Norton, Morris Catholic, 9:17.5; 4. Matt Gallenbush, Kinnelon, 9:29.5; 5. Al Sievert, Lakeland, 9:41.

110 meter high hurdles — 1. Mark Kraus, Butler, 14.6; 2. Paul Brachelli, Pompton Lakes, 15.5; 3. Tim Bonser, Butler, 15.0; 4. Tom Fichter, Morris Catholic, 15.7; 5. Rich Jensen, Butler, 15.8.

400 intermediate hurdles — 1. Mark Kraus, Butler, 56.0; 2. Tom Fichter, Morris Catholic, 58.0; 3. Chris Fichter, Morris Catholic, 58.6; 4. Jim Brown, Pequannock, 58.6; 5. Mike Barbera, DePaul, 59.9.

1600 meter relay — 1. Lakeland, 3:32.9; 2. Morris Catholic, 3:32.3; 3. Butler, 3:33.3; 4. Pequannock, 3:34.3; 5. Kinnelon and Butler, 3:35.4.

Shot Put — 1. Mike Wood, Pequannock, 51-3½; 2. Bill Wood, Pequannock, 49-4¼; 3. Mike O'Shea, Butler, 48-4; 4. Rich DeLorenzo, West Milford, 47-5; 5. Mike Neubauer, Kinnelon, 47-1; Ed Card, Butler, 47-1¾.

Discus — 1. J. Patterson, Pompton Lakes, 135-4; 2. Steve Dellaira, Pequannock, 135-4; 3. Dave Stuart, DePaul, 130-7; 4. Chris Hamilton, Jefferson, 131-4; 5. Ken Butler, Butler, 128-2; 5. R. DeKnight, Lakeland, 124-2.

Javelin — 1. Mike Wood, Pequannock, 189-0; 2. Steve Wood, Butler, 179-4; 3. Chris Nicoli, Pompton Lakes, 175-7; 4. Jim Van Andel, Morris Catholic, 174-2; 5. Ed Gorny, Butler, 165-0.

Pole Vault — 1. Tom Bonser, Butler, 13-0; 2. Rick Nicoll, Pompton Lakes, 12-6; 3. Joe Bell, Bob Heigh, Butler, and John Kinsey, Jefferson, 12-0; 5. Tom Sterr, Butler, 11-6.

Long Jump — 1. Anthony Abruzzo, Butler, 22-11½ (conference record, old record 22-9 set by Kurt Steibig of Sparta in 1977); 2. Scott Seelman, Butler, 22-4¼; 3. Rich Johnson, Lakeland, 20-11; 4. Mike Leroy, Lakeland, 19-9¼; 5. John DeYoung, Montville, 19-5½.

Triple Jump — 1. Bill Fichter, Morris Catholic, 42-6; 2. Dave Stuart, DePaul, 40-10; 3. Ed Fedda, Lakeland, 40-4; 4. Joe Jacobs, Morris Catholic, 39-5½.

High Jump — 1. John Lower, DePaul, 6-4; 2. Tom Bonser, Butler, 6-2; 3. Tom Hood, Butler, 6-0; 4. Mike Leroy, Lakeland, 5-10; 5. Mike Kinsey, Pompton Lakes, 5-8.

College scores
GOLF
Bergen CC 333	Union College 350
BASEBALL
Friday
Glassboro 10	Williamson 2
Glassboro 4	Williamson 2
Ramapo 14	St. Francis 5 (11)
Trenton 5	Williamson 2
Yesterday
Bloomfield 9	Kings 1
Columbia 6-12	Lehigh 4-5
Rutgers 25-7	W. Virginia 13-8
Glassboro 8-4	Scranton 0-3
Trenton State 7-2	Glassboro 4-1
Upsala 12	Moravian 6
Area college baseball schedule
SUNDAY
Seton Hall at Columbia (2), 1 p.m.
Upsala at Wilmington, 1 p.m.
MONDAY
Seton Hall at Upsala, 3:15 p.m.
